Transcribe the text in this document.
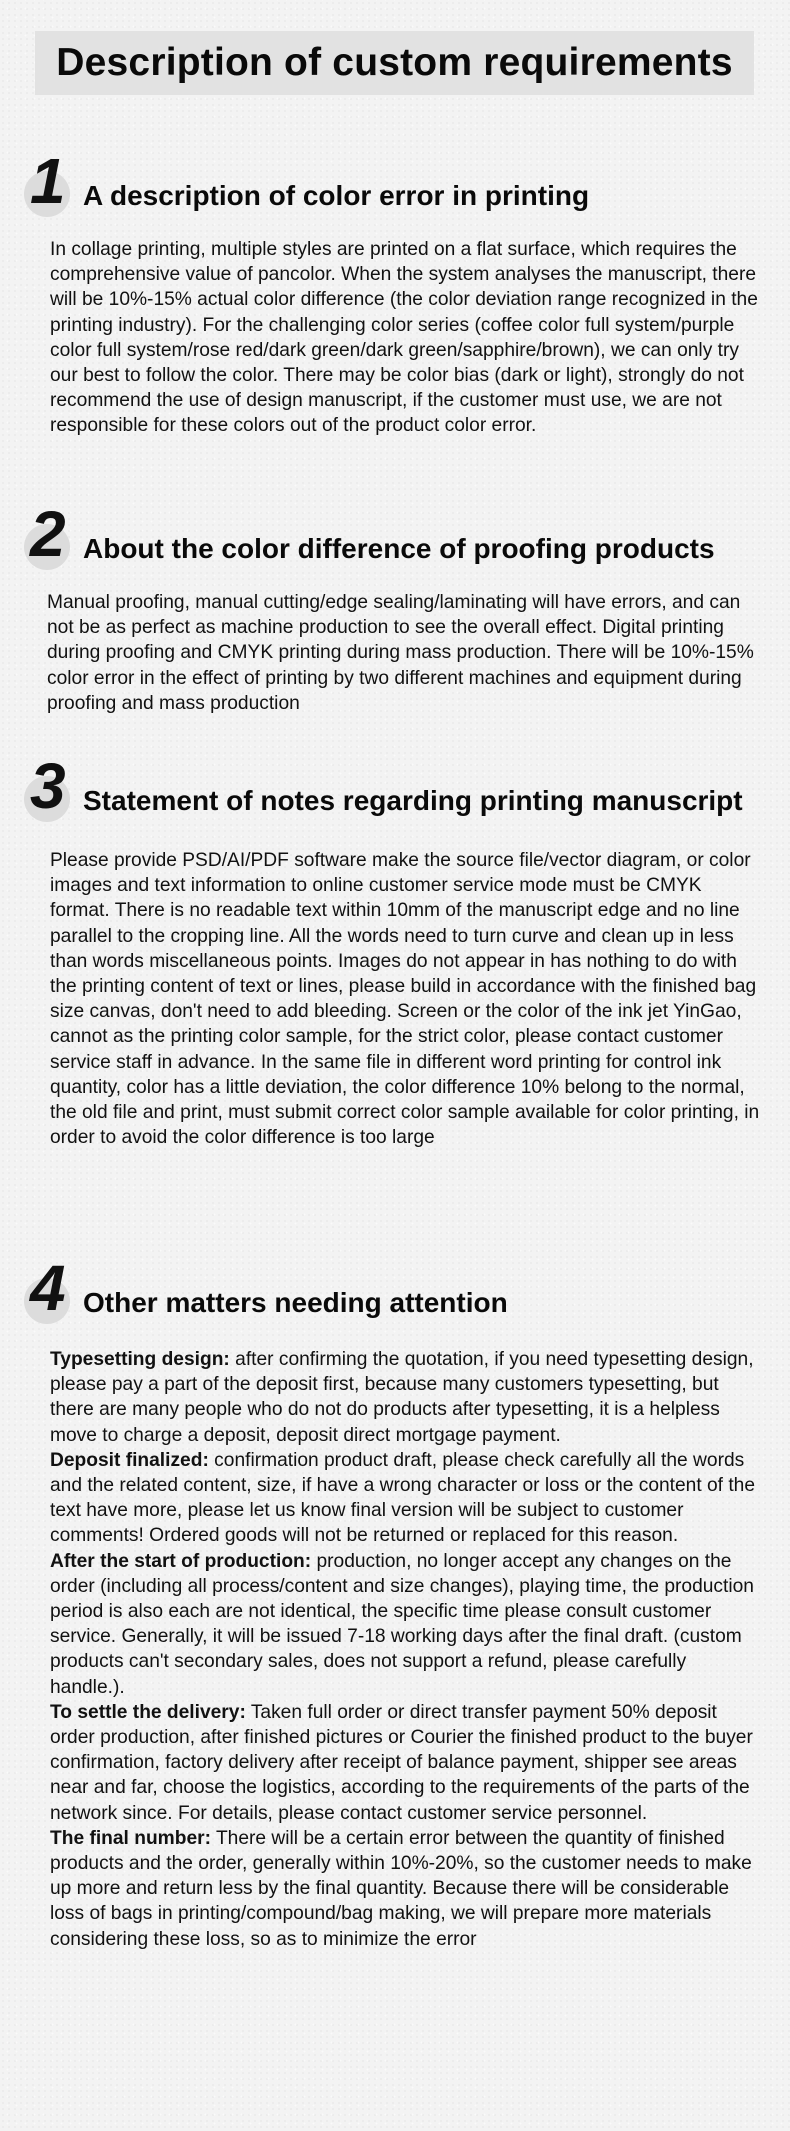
Description of custom requirements
1 A description of color error in printing

In collage printing, multiple styles are printed on a flat surface, which requires the comprehensive value of pancolor. When the system analyses the manuscript, there will be 10%-15% actual color difference (the color deviation range recognized in the printing industry). For the challenging color series (coffee color full system/purple color full system/rose red/dark green/dark green/sapphire/brown), we can only try our best to follow the color. There may be color bias (dark or light), strongly do not recommend the use of design manuscript, if the customer must use, we are not responsible for these colors out of the product color error.

2 About the color difference of proofing products

Manual proofing, manual cutting/edge sealing/laminating will have errors, and can not be as perfect as machine production to see the overall effect. Digital printing during proofing and CMYK printing during mass production. There will be 10%-15% color error in the effect of printing by two different machines and equipment during proofing and mass production

3 Statement of notes regarding printing manuscript

Please provide PSD/AI/PDF software make the source file/vector diagram, or color images and text information to online customer service mode must be CMYK format. There is no readable text within 10mm of the manuscript edge and no line parallel to the cropping line. All the words need to turn curve and clean up in less than words miscellaneous points. Images do not appear in has nothing to do with the printing content of text or lines, please build in accordance with the finished bag size canvas, don't need to add bleeding. Screen or the color of the ink jet YinGao, cannot as the printing color sample, for the strict color, please contact customer service staff in advance. In the same file in different word printing for control ink quantity, color has a little deviation, the color difference 10% belong to the normal, the old file and print, must submit correct color sample available for color printing, in order to avoid the color difference is too large

4 Other matters needing attention

Typesetting design: after confirming the quotation, if you need typesetting design, please pay a part of the deposit first, because many customers typesetting, but there are many people who do not do products after typesetting, it is a helpless move to charge a deposit, deposit direct mortgage payment.

Deposit finalized: confirmation product draft, please check carefully all the words and the related content, size, if have a wrong character or loss or the content of the text have more, please let us know final version will be subject to customer comments! Ordered goods will not be returned or replaced for this reason.

After the start of production: production, no longer accept any changes on the order (including all process/content and size changes), playing time, the production period is also each are not identical, the specific time please consult customer service. Generally, it will be issued 7-18 working days after the final draft. (custom products can't secondary sales, does not support a refund, please carefully handle.).

To settle the delivery: Taken full order or direct transfer payment 50% deposit order production, after finished pictures or Courier the finished product to the buyer confirmation, factory delivery after receipt of balance payment, shipper see areas near and far, choose the logistics, according to the requirements of the parts of the network since. For details, please contact customer service personnel.

The final number: There will be a certain error between the quantity of finished products and the order, generally within 10%-20%, so the customer needs to make up more and return less by the final quantity. Because there will be considerable loss of bags in printing/compound/bag making, we will prepare more materials considering these loss, so as to minimize the error
